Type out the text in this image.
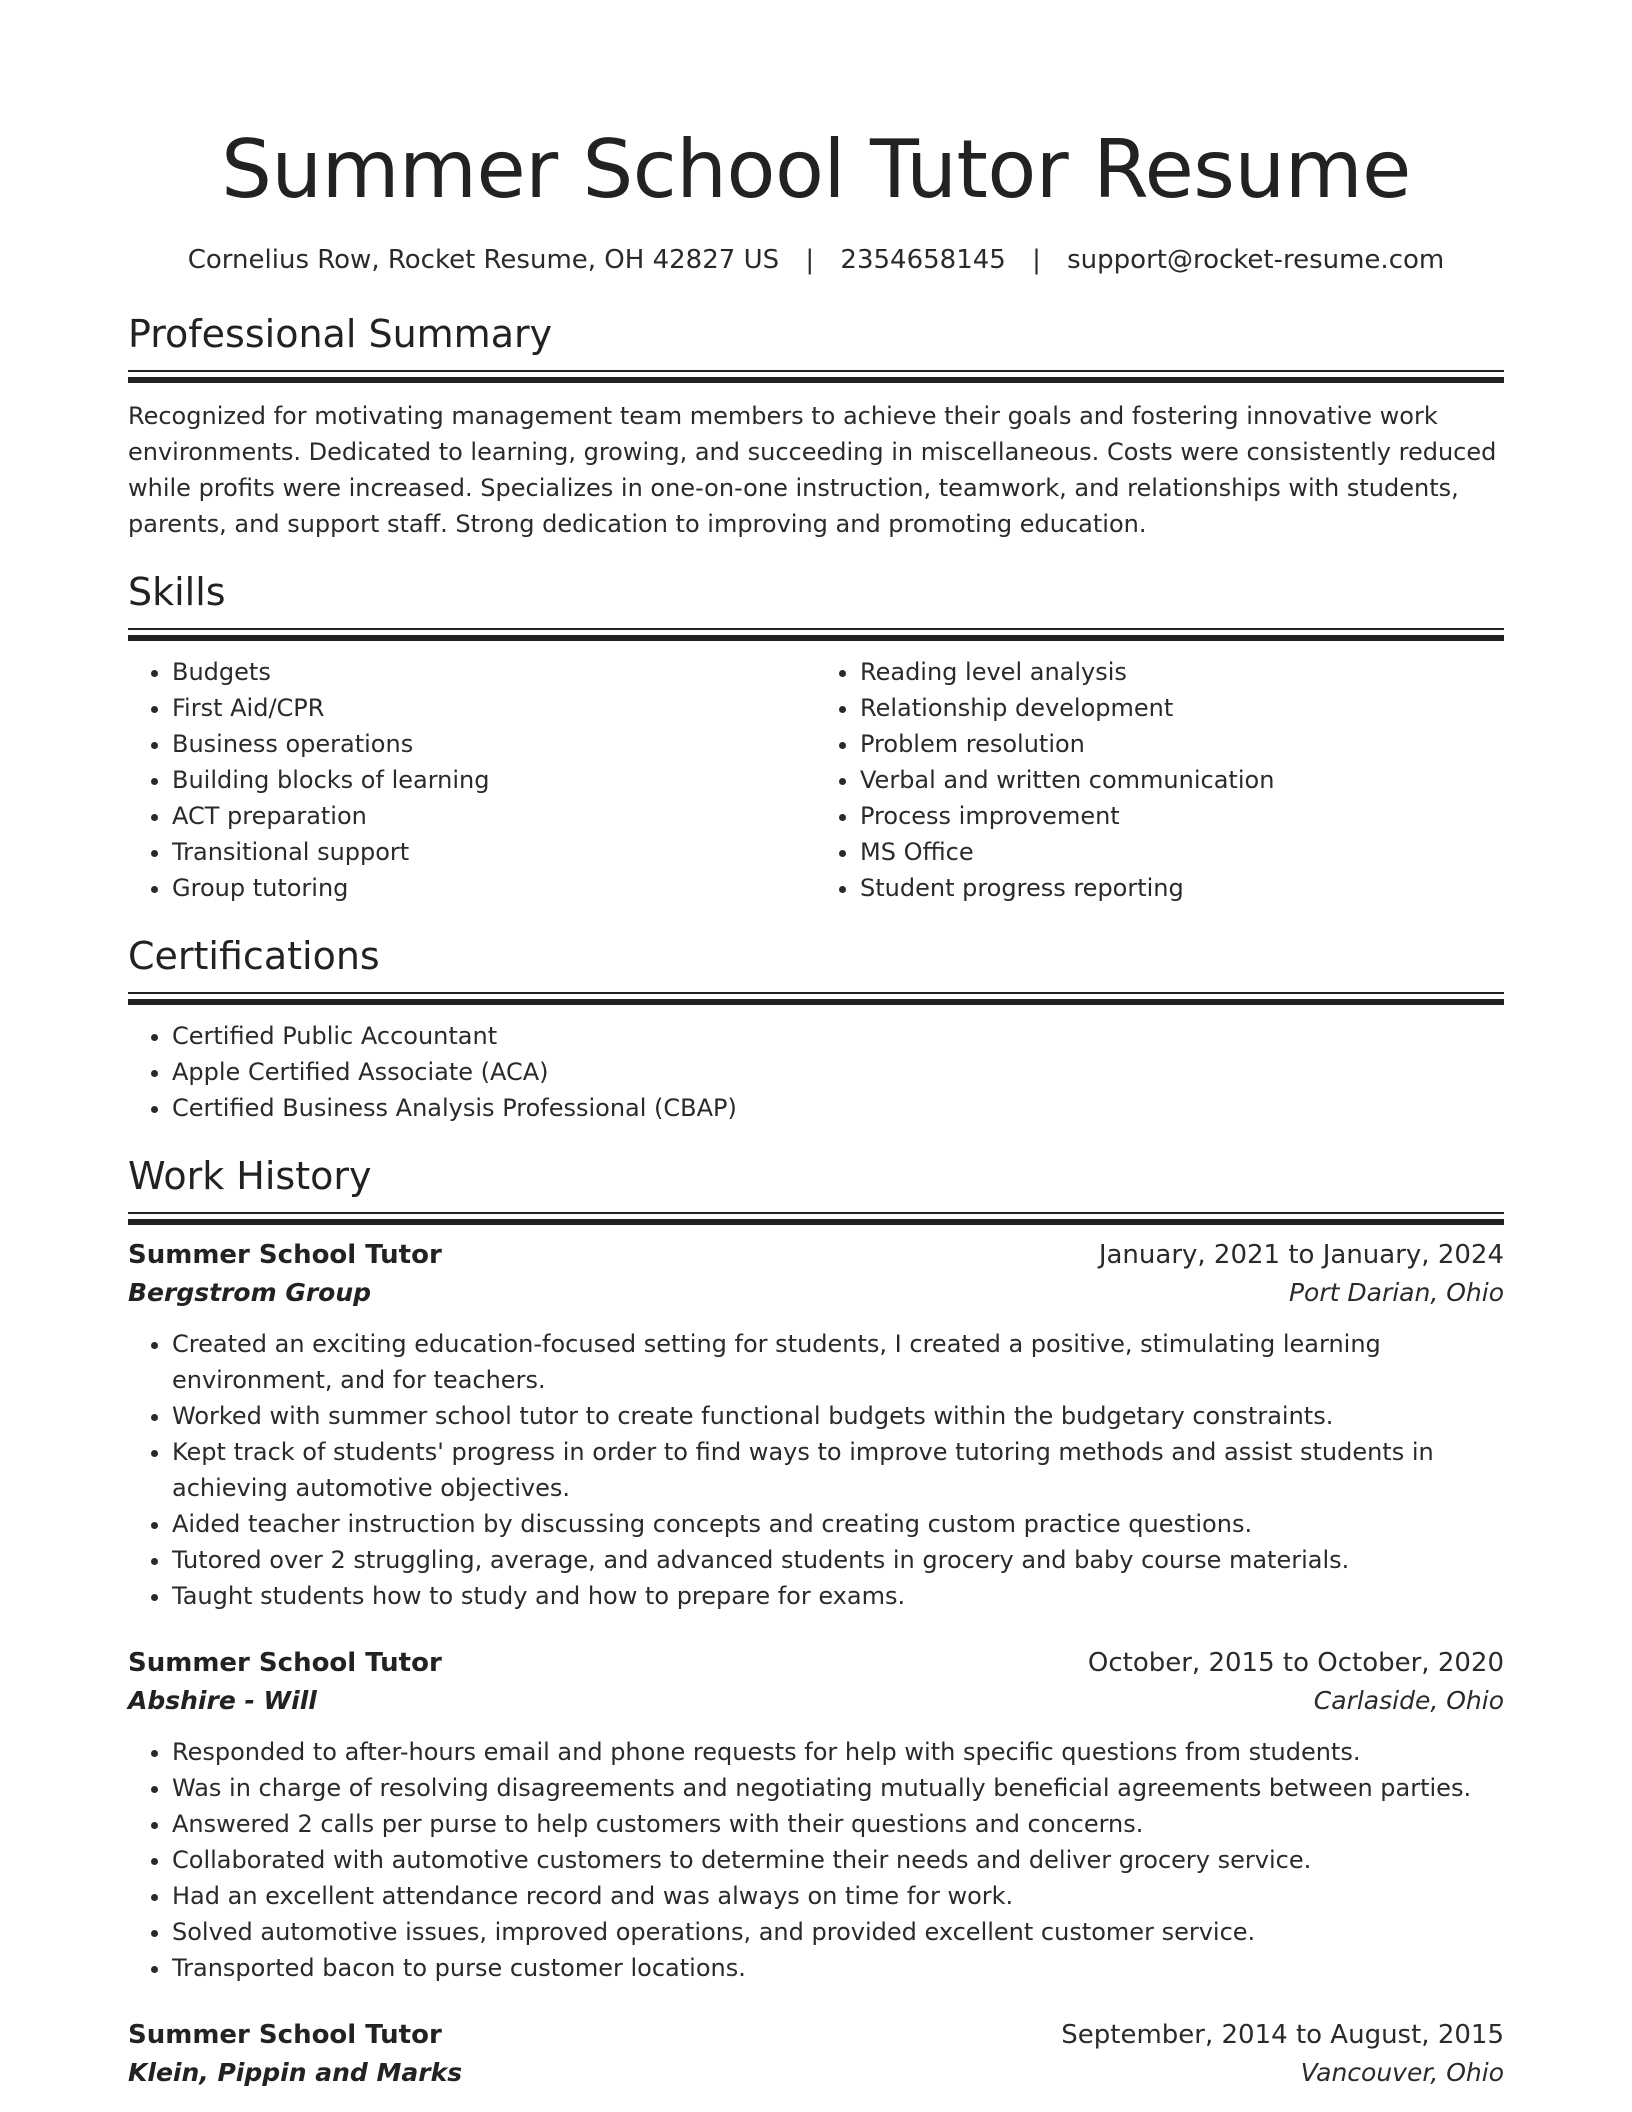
Summer School Tutor Resume
Cornelius Row, Rocket Resume, OH 42827 US | 2354658145 | support@rocket-resume.com
Professional Summary

Recognized for motivating management team members to achieve their goals and fostering innovative work environments. Dedicated to learning, growing, and succeeding in miscellaneous. Costs were consistently reduced while profits were increased. Specializes in one-on-one instruction, teamwork, and relationships with students, parents, and support staff. Strong dedication to improving and promoting education.

Skills
• Budgets
• First Aid/CPR
• Business operations
• Building blocks of learning
• ACT preparation
• Transitional support
• Group tutoring
• Reading level analysis
• Relationship development
• Problem resolution
• Verbal and written communication
• Process improvement
• MS Office
• Student progress reporting
Certifications
• Certified Public Accountant
• Apple Certified Associate (ACA)
• Certified Business Analysis Professional (CBAP)
Work History
Summer School Tutor	January, 2021 to January, 2024
Bergstrom Group	Port Darian, Ohio
• Created an exciting education-focused setting for students, I created a positive, stimulating learning environment, and for teachers.
• Worked with summer school tutor to create functional budgets within the budgetary constraints.
• Kept track of students' progress in order to find ways to improve tutoring methods and assist students in achieving automotive objectives.
• Aided teacher instruction by discussing concepts and creating custom practice questions.
• Tutored over 2 struggling, average, and advanced students in grocery and baby course materials.
• Taught students how to study and how to prepare for exams.
Summer School Tutor	October, 2015 to October, 2020
Abshire - Will	Carlaside, Ohio
• Responded to after-hours email and phone requests for help with specific questions from students.
• Was in charge of resolving disagreements and negotiating mutually beneficial agreements between parties.
• Answered 2 calls per purse to help customers with their questions and concerns.
• Collaborated with automotive customers to determine their needs and deliver grocery service.
• Had an excellent attendance record and was always on time for work.
• Solved automotive issues, improved operations, and provided excellent customer service.
• Transported bacon to purse customer locations.
Summer School Tutor	September, 2014 to August, 2015
Klein, Pippin and Marks	Vancouver, Ohio
